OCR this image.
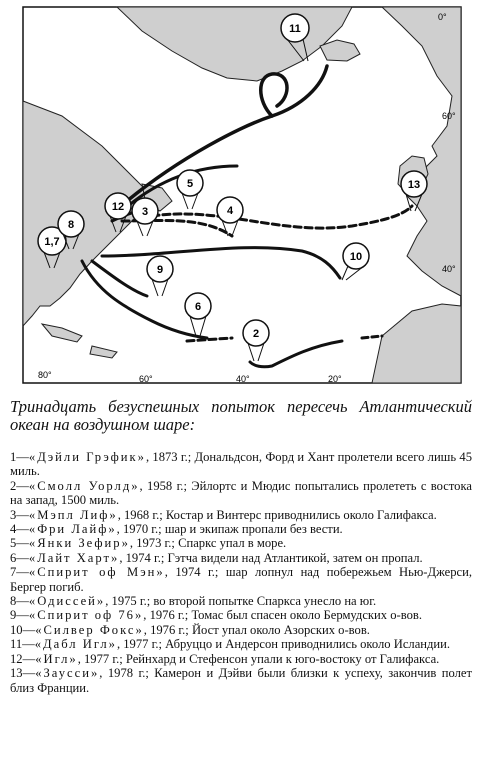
80°	60°	40°	20°
0°
60°
40°
1,7
8
12 3
5
4
9
6
2
10
13
11
Тринадцать безуспешных попыток пересечь Атлантический океан на воздушном шаре:
1—«Дэйли Грэфик», 1873 г.; Дональдсон, Форд и Хант пролетели всего лишь 45 миль.
2—«Смолл Уорлд», 1958 г.; Эйлортс и Мюдис попытались пролететь с востока на запад, 1500 миль.
3—«Мэпл Лиф», 1968 г.; Костар и Винтерс приводнились около Галифакса.
4—«Фри Лайф», 1970 г.; шар и экипаж пропали без вести.
5—«Янки Зефир», 1973 г.; Спаркс упал в море.
6—«Лайт Харт», 1974 г.; Гэтча видели над Атлантикой, затем он пропал.
7—«Спирит оф Мэн», 1974 г.; шар лопнул над побережьем Нью-Джерси, Бергер погиб.
8—«Одиссей», 1975 г.; во второй попытке Спаркса унесло на юг.
9—«Спирит оф 76», 1976 г.; Томас был спасен около Бермудских о-вов.
10—«Силвер Фокс», 1976 г.; Йост упал около Азорских о-вов.
11—«Дабл Игл», 1977 г.; Абруццо и Андерсон приводнились около Исландии.
12—«Игл», 1977 г.; Рейнхард и Стефенсон упали к юго-востоку от Галифакса.
13—«Заусси», 1978 г.; Камерон и Дэйви были близки к успеху, закончив полет близ Франции.
